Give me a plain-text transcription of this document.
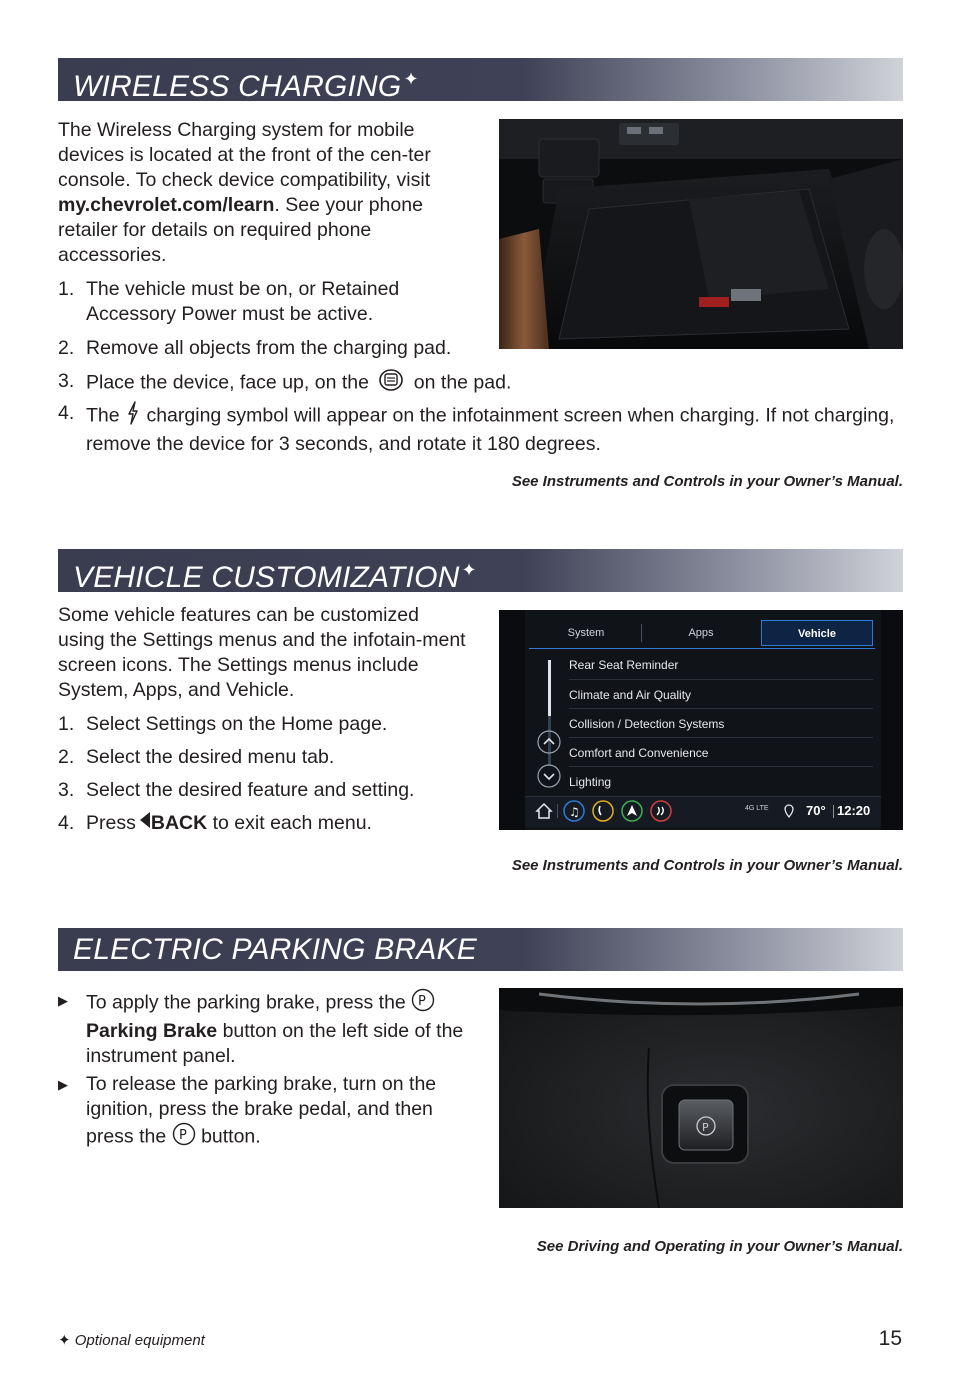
WIRELESS CHARGING ✦
The Wireless Charging system for mobile devices is located at the front of the cen-ter console. To check device compatibility, visit my.chevrolet.com/learn. See your phone retailer for details on required phone accessories.
1. The vehicle must be on, or Retained Accessory Power must be active.
2. Remove all objects from the charging pad.
3. Place the device, face up, on the on the pad.
4. The charging symbol will appear on the infotainment screen when charging. If not charging, remove the device for 3 seconds, and rotate it 180 degrees.
See Instruments and Controls in your Owner’s Manual.
VEHICLE CUSTOMIZATION ✦
Some vehicle features can be customized using the Settings menus and the infotain-ment screen icons. The Settings menus include System, Apps, and Vehicle.
System	Apps	Vehicle
Rear Seat Reminder
Climate and Air Quality
Collision / Detection Systems
Comfort and Convenience
Lighting
♫	4G LTE	70° 12:20
1. Select Settings on the Home page.
2. Select the desired menu tab.
3. Select the desired feature and setting.
4. Press BACK to exit each menu.
See Instruments and Controls in your Owner’s Manual.
ELECTRIC PARKING BRAKE
▶ To apply the parking brake, press the P
Parking Brake button on the left side of the instrument panel.
▶ To release the parking brake, turn on the ignition, press the brake pedal, and then press the P button.	P
See Driving and Operating in your Owner’s Manual.
✦ Optional equipment	15
